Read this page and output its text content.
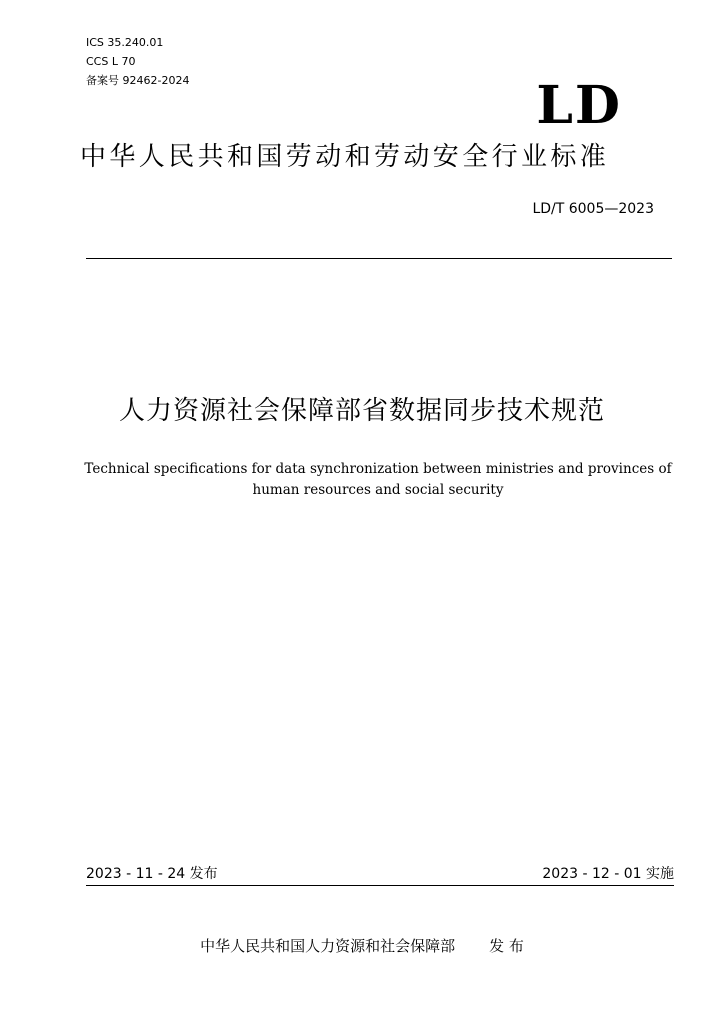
ICS 35.240.01
CCS L 70
备案号 92462-2024	LD
中华人民共和国劳动和劳动安全行业标准
LD/T 6005—2023
人力资源社会保障部省数据同步技术规范
Technical specifications for data synchronization between ministries and provinces of
human resources and social security
2023 - 11 - 24 发布	2023 - 12 - 01 实施
中华人民共和国人力资源和社会保障部 发 布
